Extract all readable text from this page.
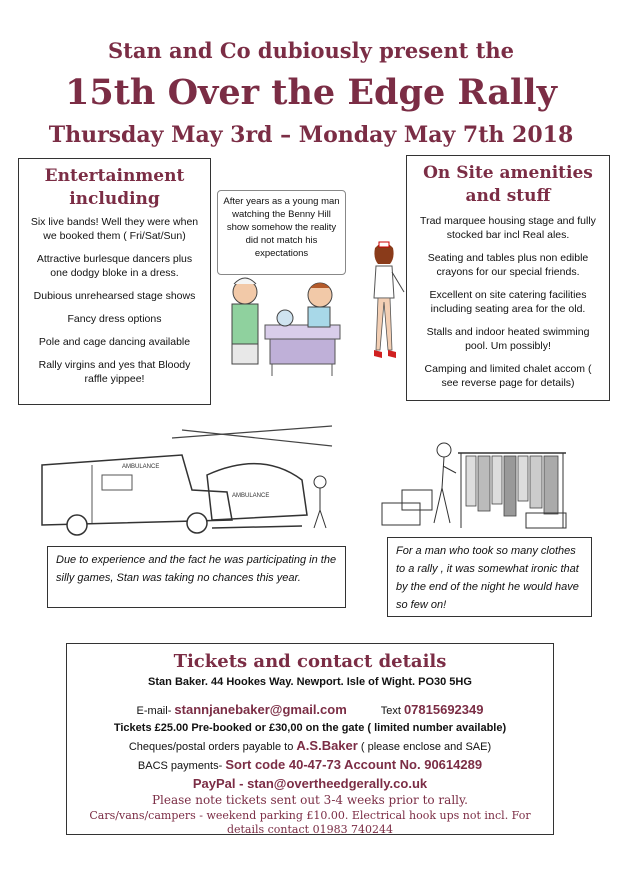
Stan and Co dubiously present the
15th Over the Edge Rally
Thursday May 3rd – Monday May 7th 2018
Entertainment
including

Six live bands! Well they were when we booked them ( Fri/Sat/Sun)

Attractive burlesque dancers plus one dodgy bloke in a dress.

Dubious unrehearsed stage shows

Fancy dress options

Pole and cage dancing available

Rally virgins and yes that Bloody raffle yippee!

On Site amenities
and stuff

Trad marquee housing stage and fully stocked bar incl Real ales.

Seating and tables plus non edible crayons for our special friends.

Excellent on site catering facilities including seating area for the old.

Stalls and indoor heated swimming pool. Um possibly!

Camping and limited chalet accom ( see reverse page for details)

After years as a young man watching the Benny Hill show somehow the reality did not match his expectations
AMBULANCE
AMBULANCE
Due to experience and the fact he was participating in the silly games, Stan was taking no chances this year.
For a man who took so many clothes to a rally , it was somewhat ironic that by the end of the night he would have so few on!
Tickets and contact details
Stan Baker. 44 Hookes Way. Newport. Isle of Wight. PO30 5HG
E-mail- stannjanebaker@gmail.com	Text 07815692349
Tickets £25.00 Pre-booked or £30,00 on the gate ( limited number available)
Cheques/postal orders payable to A.S.Baker ( please enclose and SAE)
BACS payments- Sort code 40-47-73 Account No. 90614289
PayPal - stan@overtheedgerally.co.uk
Please note tickets sent out 3-4 weeks prior to rally.
Cars/vans/campers - weekend parking £10.00. Electrical hook ups not incl. For details contact 01983 740244
